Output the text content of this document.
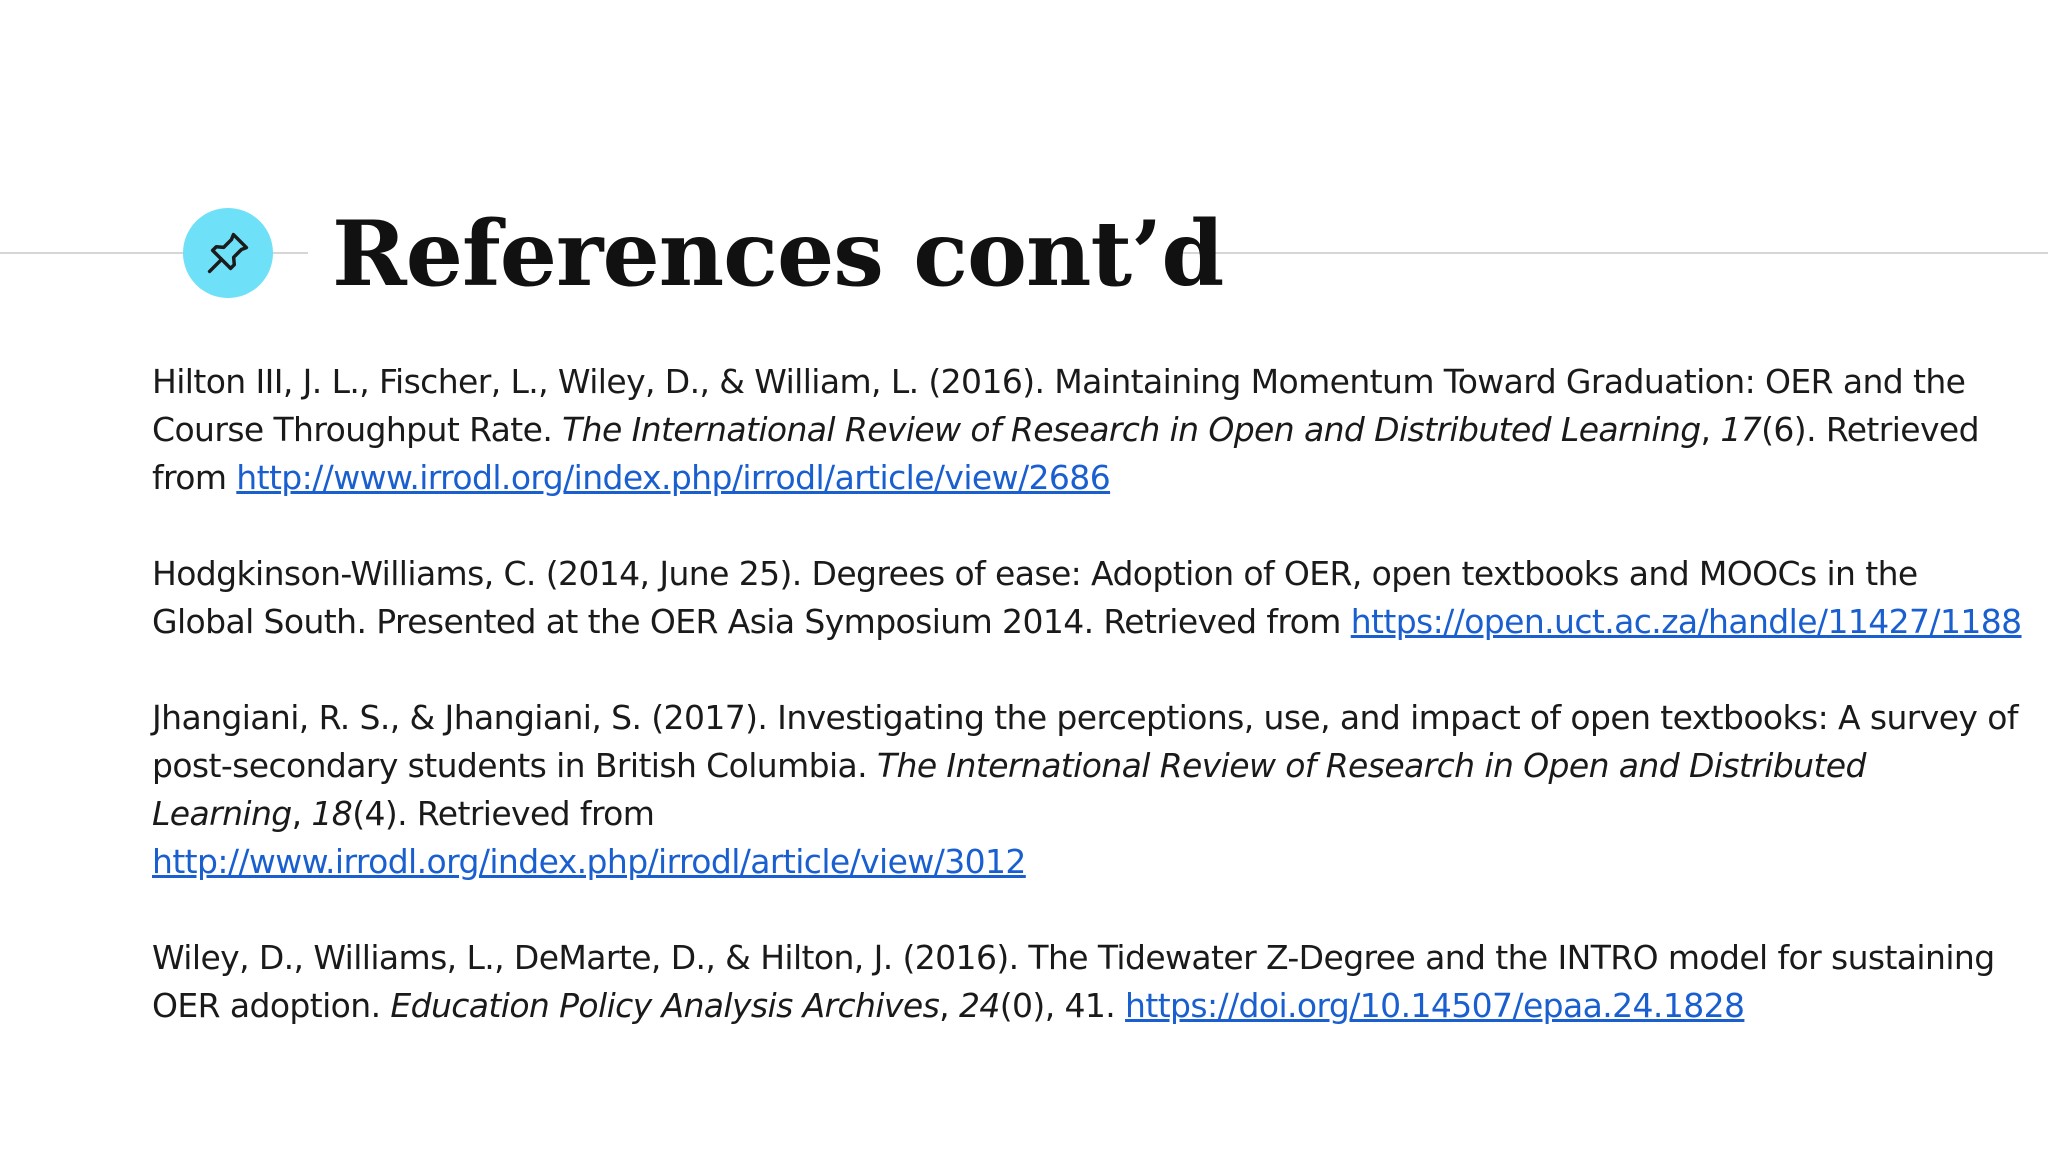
References cont’d

Hilton III, J. L., Fischer, L., Wiley, D., & William, L. (2016). Maintaining Momentum Toward Graduation: OER and the Course Throughput Rate. The International Review of Research in Open and Distributed Learning, 17(6). Retrieved from http://www.irrodl.org/index.php/irrodl/article/view/2686

Hodgkinson-Williams, C. (2014, June 25). Degrees of ease: Adoption of OER, open textbooks and MOOCs in the Global South. Presented at the OER Asia Symposium 2014. Retrieved from https://open.uct.ac.za/handle/11427/1188

Jhangiani, R. S., & Jhangiani, S. (2017). Investigating the perceptions, use, and impact of open textbooks: A survey of post-secondary students in British Columbia. The International Review of Research in Open and Distributed Learning, 18(4). Retrieved from
http://www.irrodl.org/index.php/irrodl/article/view/3012

Wiley, D., Williams, L., DeMarte, D., & Hilton, J. (2016). The Tidewater Z-Degree and the INTRO model for sustaining OER adoption. Education Policy Analysis Archives, 24(0), 41. https://doi.org/10.14507/epaa.24.1828
